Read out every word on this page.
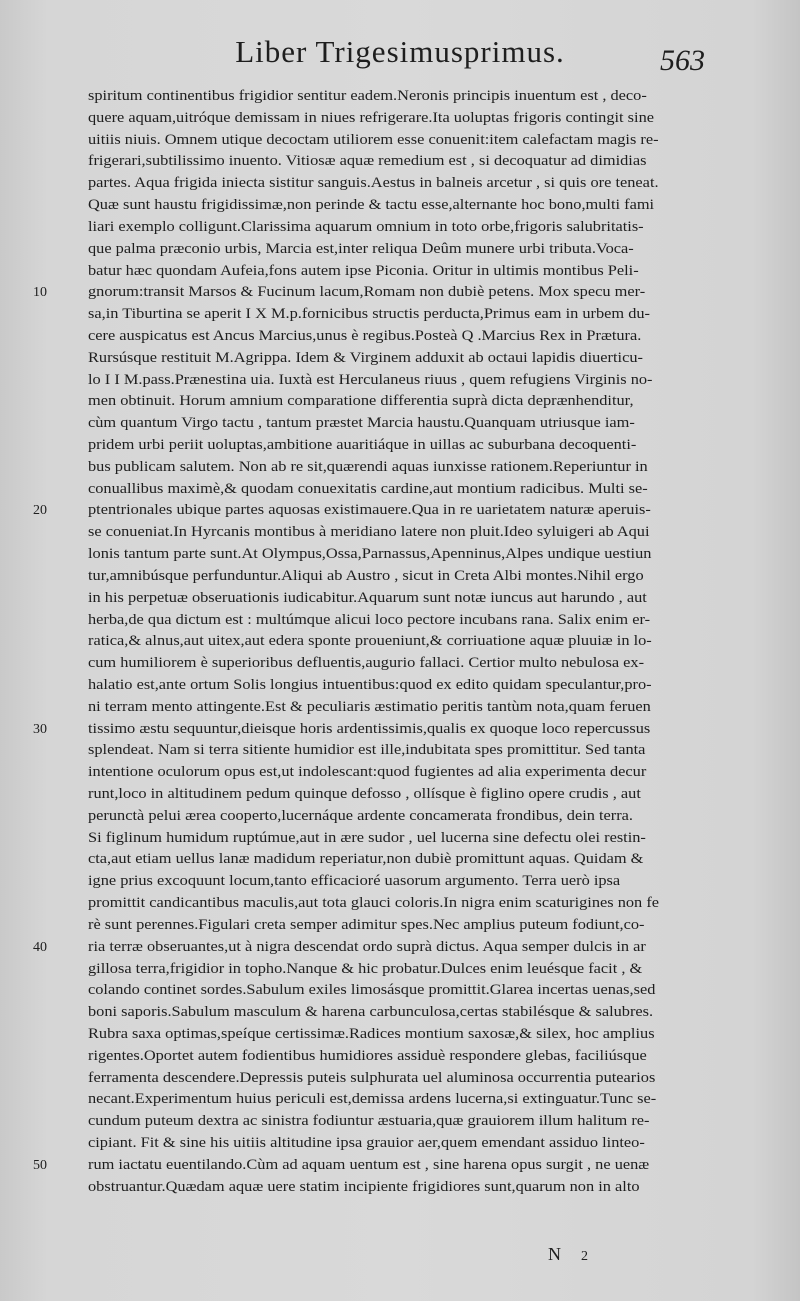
Liber Trigesimusprimus.	563
spiritum continentibus frigidior sentitur eadem.Neronis principis inuentum est , deco-
quere aquam,uitróque demissam in niues refrigerare.Ita uoluptas frigoris contingit sine
uitiis niuis. Omnem utique decoctam utiliorem esse conuenit:item calefactam magis re-
frigerari,subtilissimo inuento. Vitiosæ aquæ remedium est , si decoquatur ad dimidias
partes. Aqua frigida iniecta sistitur sanguis.Aestus in balneis arcetur , si quis ore teneat.
Quæ sunt haustu frigidissimæ,non perinde & tactu esse,alternante hoc bono,multi fami
liari exemplo colligunt.Clarissima aquarum omnium in toto orbe,frigoris salubritatis-
que palma præconio urbis, Marcia est,inter reliqua Deûm munere urbi tributa.Voca-
batur hæc quondam Aufeia,fons autem ipse Piconia. Oritur in ultimis montibus Peli-
10	gnorum:transit Marsos & Fucinum lacum,Romam non dubiè petens. Mox specu mer-
sa,in Tiburtina se aperit I X M.p.fornicibus structis perducta,Primus eam in urbem du-
cere auspicatus est Ancus Marcius,unus è regibus.Posteà Q .Marcius Rex in Prætura.
Rursúsque restituit M.Agrippa. Idem & Virginem adduxit ab octaui lapidis diuerticu-
lo I I M.pass.Prænestina uia. Iuxtà est Herculaneus riuus , quem refugiens Virginis no-
men obtinuit. Horum amnium comparatione differentia suprà dicta deprænhenditur,
cùm quantum Virgo tactu , tantum præstet Marcia haustu.Quanquam utriusque iam-
pridem urbi periit uoluptas,ambitione auaritiáque in uillas ac suburbana decoquenti-
bus publicam salutem. Non ab re sit,quærendi aquas iunxisse rationem.Reperiuntur in
conuallibus maximè,& quodam conuexitatis cardine,aut montium radicibus. Multi se-
20	ptentrionales ubique partes aquosas existimauere.Qua in re uarietatem naturæ aperuis-
se conueniat.In Hyrcanis montibus à meridiano latere non pluit.Ideo syluigeri ab Aqui
lonis tantum parte sunt.At Olympus,Ossa,Parnassus,Apenninus,Alpes undique uestiun
tur,amnibúsque perfunduntur.Aliqui ab Austro , sicut in Creta Albi montes.Nihil ergo
in his perpetuæ obseruationis iudicabitur.Aquarum sunt notæ iuncus aut harundo , aut
herba,de qua dictum est : multúmque alicui loco pectore incubans rana. Salix enim er-
ratica,& alnus,aut uitex,aut edera sponte proueniunt,& corriuatione aquæ pluuiæ in lo-
cum humiliorem è superioribus defluentis,augurio fallaci. Certior multo nebulosa ex-
halatio est,ante ortum Solis longius intuentibus:quod ex edito quidam speculantur,pro-
ni terram mento attingente.Est & peculiaris æstimatio peritis tantùm nota,quam feruen
30	tissimo æstu sequuntur,dieisque horis ardentissimis,qualis ex quoque loco repercussus
splendeat. Nam si terra sitiente humidior est ille,indubitata spes promittitur. Sed tanta
intentione oculorum opus est,ut indolescant:quod fugientes ad alia experimenta decur
runt,loco in altitudinem pedum quinque defosso , ollísque è figlino opere crudis , aut
perunctà pelui ærea cooperto,lucernáque ardente concamerata frondibus, dein terra.
Si figlinum humidum ruptúmue,aut in ære sudor , uel lucerna sine defectu olei restin-
cta,aut etiam uellus lanæ madidum reperiatur,non dubiè promittunt aquas. Quidam &
igne prius excoquunt locum,tanto efficacioré uasorum argumento. Terra uerò ipsa
promittit candicantibus maculis,aut tota glauci coloris.In nigra enim scaturigines non fe
rè sunt perennes.Figulari creta semper adimitur spes.Nec amplius puteum fodiunt,co-
40	ria terræ obseruantes,ut à nigra descendat ordo suprà dictus. Aqua semper dulcis in ar
gillosa terra,frigidior in topho.Nanque & hic probatur.Dulces enim leuésque facit , &
colando continet sordes.Sabulum exiles limosásque promittit.Glarea incertas uenas,sed
boni saporis.Sabulum masculum & harena carbunculosa,certas stabilésque & salubres.
Rubra saxa optimas,speíque certissimæ.Radices montium saxosæ,& silex, hoc amplius
rigentes.Oportet autem fodientibus humidiores assiduè respondere glebas, faciliúsque
ferramenta descendere.Depressis puteis sulphurata uel aluminosa occurrentia putearios
necant.Experimentum huius periculi est,demissa ardens lucerna,si extinguatur.Tunc se-
cundum puteum dextra ac sinistra fodiuntur æstuaria,quæ grauiorem illum halitum re-
cipiant. Fit & sine his uitiis altitudine ipsa grauior aer,quem emendant assiduo linteo-
50	rum iactatu euentilando.Cùm ad aquam uentum est , sine harena opus surgit , ne uenæ
obstruantur.Quædam aquæ uere statim incipiente frigidiores sunt,quarum non in alto
N 2
